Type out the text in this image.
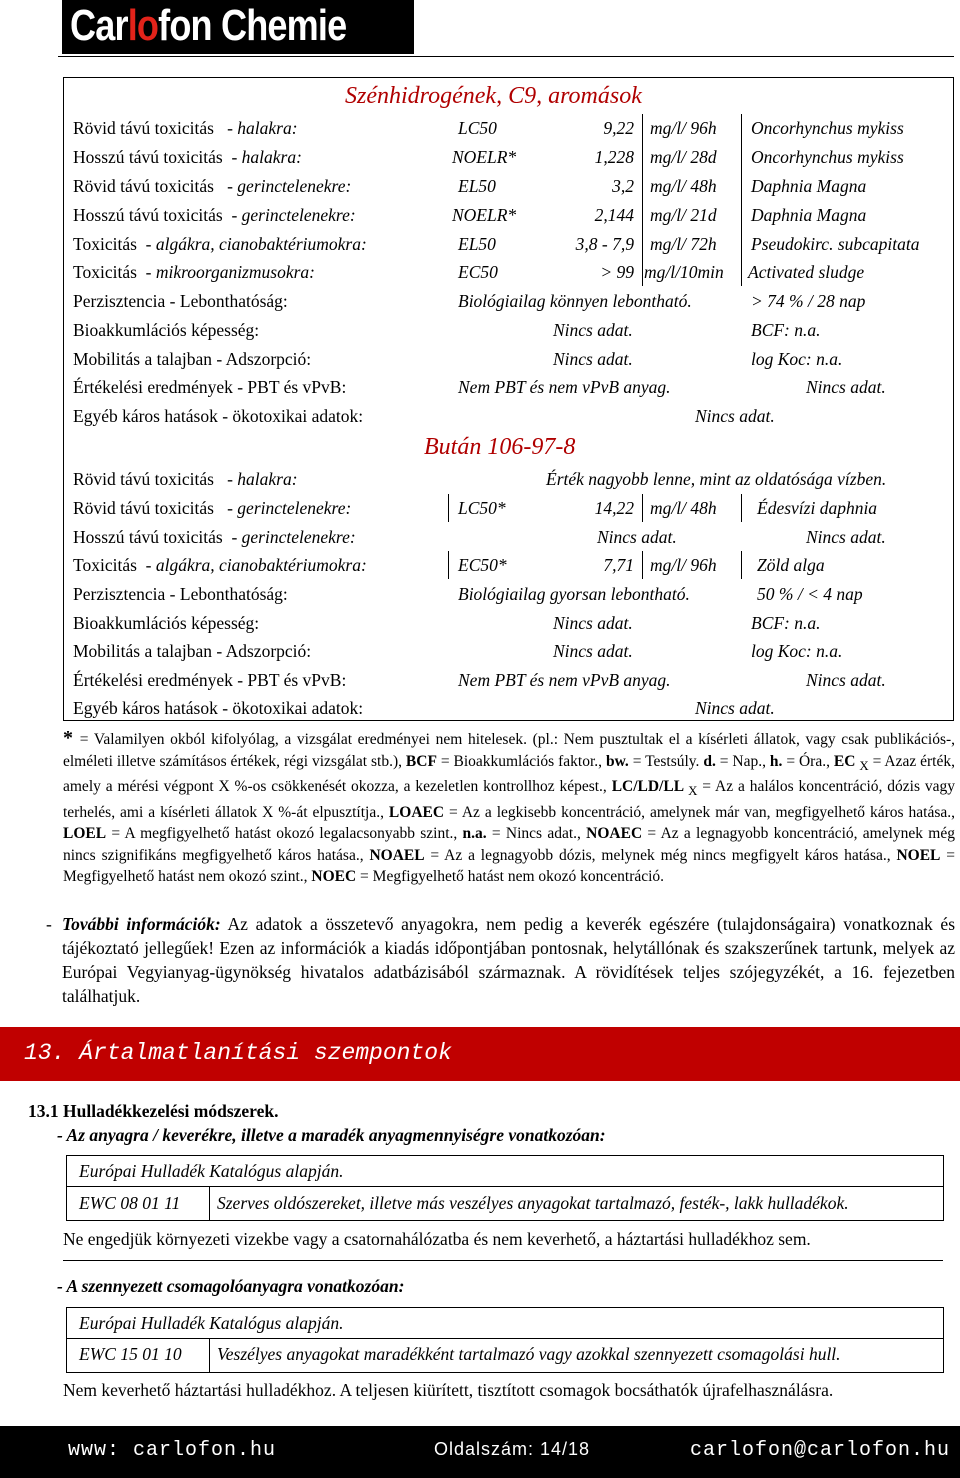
Carlofon Chemie
Szénhidrogének, C9, aromások
Rövid távú toxicitás   - halakra:	LC50	9,22 mg/l/ 96h Oncorhynchus mykiss
Hosszú távú toxicitás  - halakra:	NOELR*	1,228 mg/l/ 28d Oncorhynchus mykiss
Rövid távú toxicitás   - gerinctelenekre:	EL50	3,2 mg/l/ 48h Daphnia Magna
Hosszú távú toxicitás  - gerinctelenekre:	NOELR*	2,144 mg/l/ 21d Daphnia Magna
Toxicitás  - algákra, cianobaktériumokra:	EL50	3,8 - 7,9 mg/l/ 72h Pseudokirc. subcapitata
Toxicitás  - mikroorganizmusokra:	EC50	> 99 mg/l/10min Activated sludge
Perzisztencia - Lebonthatóság:	Biológiailag könnyen lebontható.	> 74 % / 28 nap
Bioakkumlációs képesség:	Nincs adat.	BCF: n.a.
Mobilitás a talajban - Adszorpció:	Nincs adat.	log Koc: n.a.
Értékelési eredmények - PBT és vPvB:	Nem PBT és nem vPvB anyag.	Nincs adat.
Egyéb káros hatások - ökotoxikai adatok:	Nincs adat.
Bután 106-97-8
Rövid távú toxicitás   - halakra:	Érték nagyobb lenne, mint az oldatósága vízben.
Rövid távú toxicitás   - gerinctelenekre:	LC50*	14,22 mg/l/ 48h Édesvízi daphnia
Hosszú távú toxicitás  - gerinctelenekre:	Nincs adat.	Nincs adat.
Toxicitás  - algákra, cianobaktériumokra:	EC50*	7,71 mg/l/ 96h Zöld alga
Perzisztencia - Lebonthatóság:	Biológiailag gyorsan lebontható.	50 % / < 4 nap
Bioakkumlációs képesség:	Nincs adat.	BCF: n.a.
Mobilitás a talajban - Adszorpció:	Nincs adat.	log Koc: n.a.
Értékelési eredmények - PBT és vPvB:	Nem PBT és nem vPvB anyag.	Nincs adat.
Egyéb káros hatások - ökotoxikai adatok:	Nincs adat.
* = Valamilyen okból kifolyólag, a vizsgálat eredményei nem hitelesek. (pl.: Nem pusztultak el a kísérleti állatok, vagy csak publikációs-, elméleti illetve számításos értékek, régi vizsgálat stb.), BCF = Bioakkumlációs faktor., bw. = Testsúly. d. = Nap., h. = Óra., EC $_X$ = Azaz érték, amely a mérési végpont X %-os csökkenését okozza, a kezeletlen kontrollhoz képest., LC/LD/LL $_X$ = Az a halálos koncentráció, dózis vagy terhelés, ami a kísérleti állatok X %-át elpusztítja., LOAEC = Az a legkisebb koncentráció, amelynek már van, megfigyelhető káros hatása., LOEL = A megfigyelhető hatást okozó legalacsonyabb szint., n.a. = Nincs adat., NOAEC = Az a legnagyobb koncentráció, amelynek még nincs szignifikáns megfigyelhető káros hatása., NOAEL = Az a legnagyobb dózis, melynek még nincs megfigyelt káros hatása., NOEL = Megfigyelhető hatást nem okozó szint., NOEC = Megfigyelhető hatást nem okozó koncentráció.
- További információk: Az adatok a összetevő anyagokra, nem pedig a keverék egészére (tulajdonságaira) vonatkoznak és tájékoztató jellegűek! Ezen az információk a kiadás időpontjában pontosnak, helytállónak és szakszerűnek tartunk, melyek az Európai Vegyianyag-ügynökség hivatalos adatbázisából származnak. A rövidítések teljes szójegyzékét, a 16. fejezetben találhatjuk.
13. Ártalmatlanítási szempontok
13.1 Hulladékkezelési módszerek.
- Az anyagra / keverékre, illetve a maradék anyagmennyiségre vonatkozóan:
Európai Hulladék Katalógus alapján.
EWC 08 01 11 Szerves oldószereket, illetve más veszélyes anyagokat tartalmazó, festék-, lakk hulladékok.
Ne engedjük környezeti vizekbe vagy a csatornahálózatba és nem keverhető, a háztartási hulladékhoz sem.
- A szennyezett csomagolóanyagra vonatkozóan:
Európai Hulladék Katalógus alapján.
EWC 15 01 10 Veszélyes anyagokat maradékként tartalmazó vagy azokkal szennyezett csomagolási hull.
Nem keverhető háztartási hulladékhoz. A teljesen kiürített, tisztított csomagok bocsáthatók újrafelhasználásra.
www: carlofon.hu	Oldalszám: 14/18	carlofon@carlofon.hu
